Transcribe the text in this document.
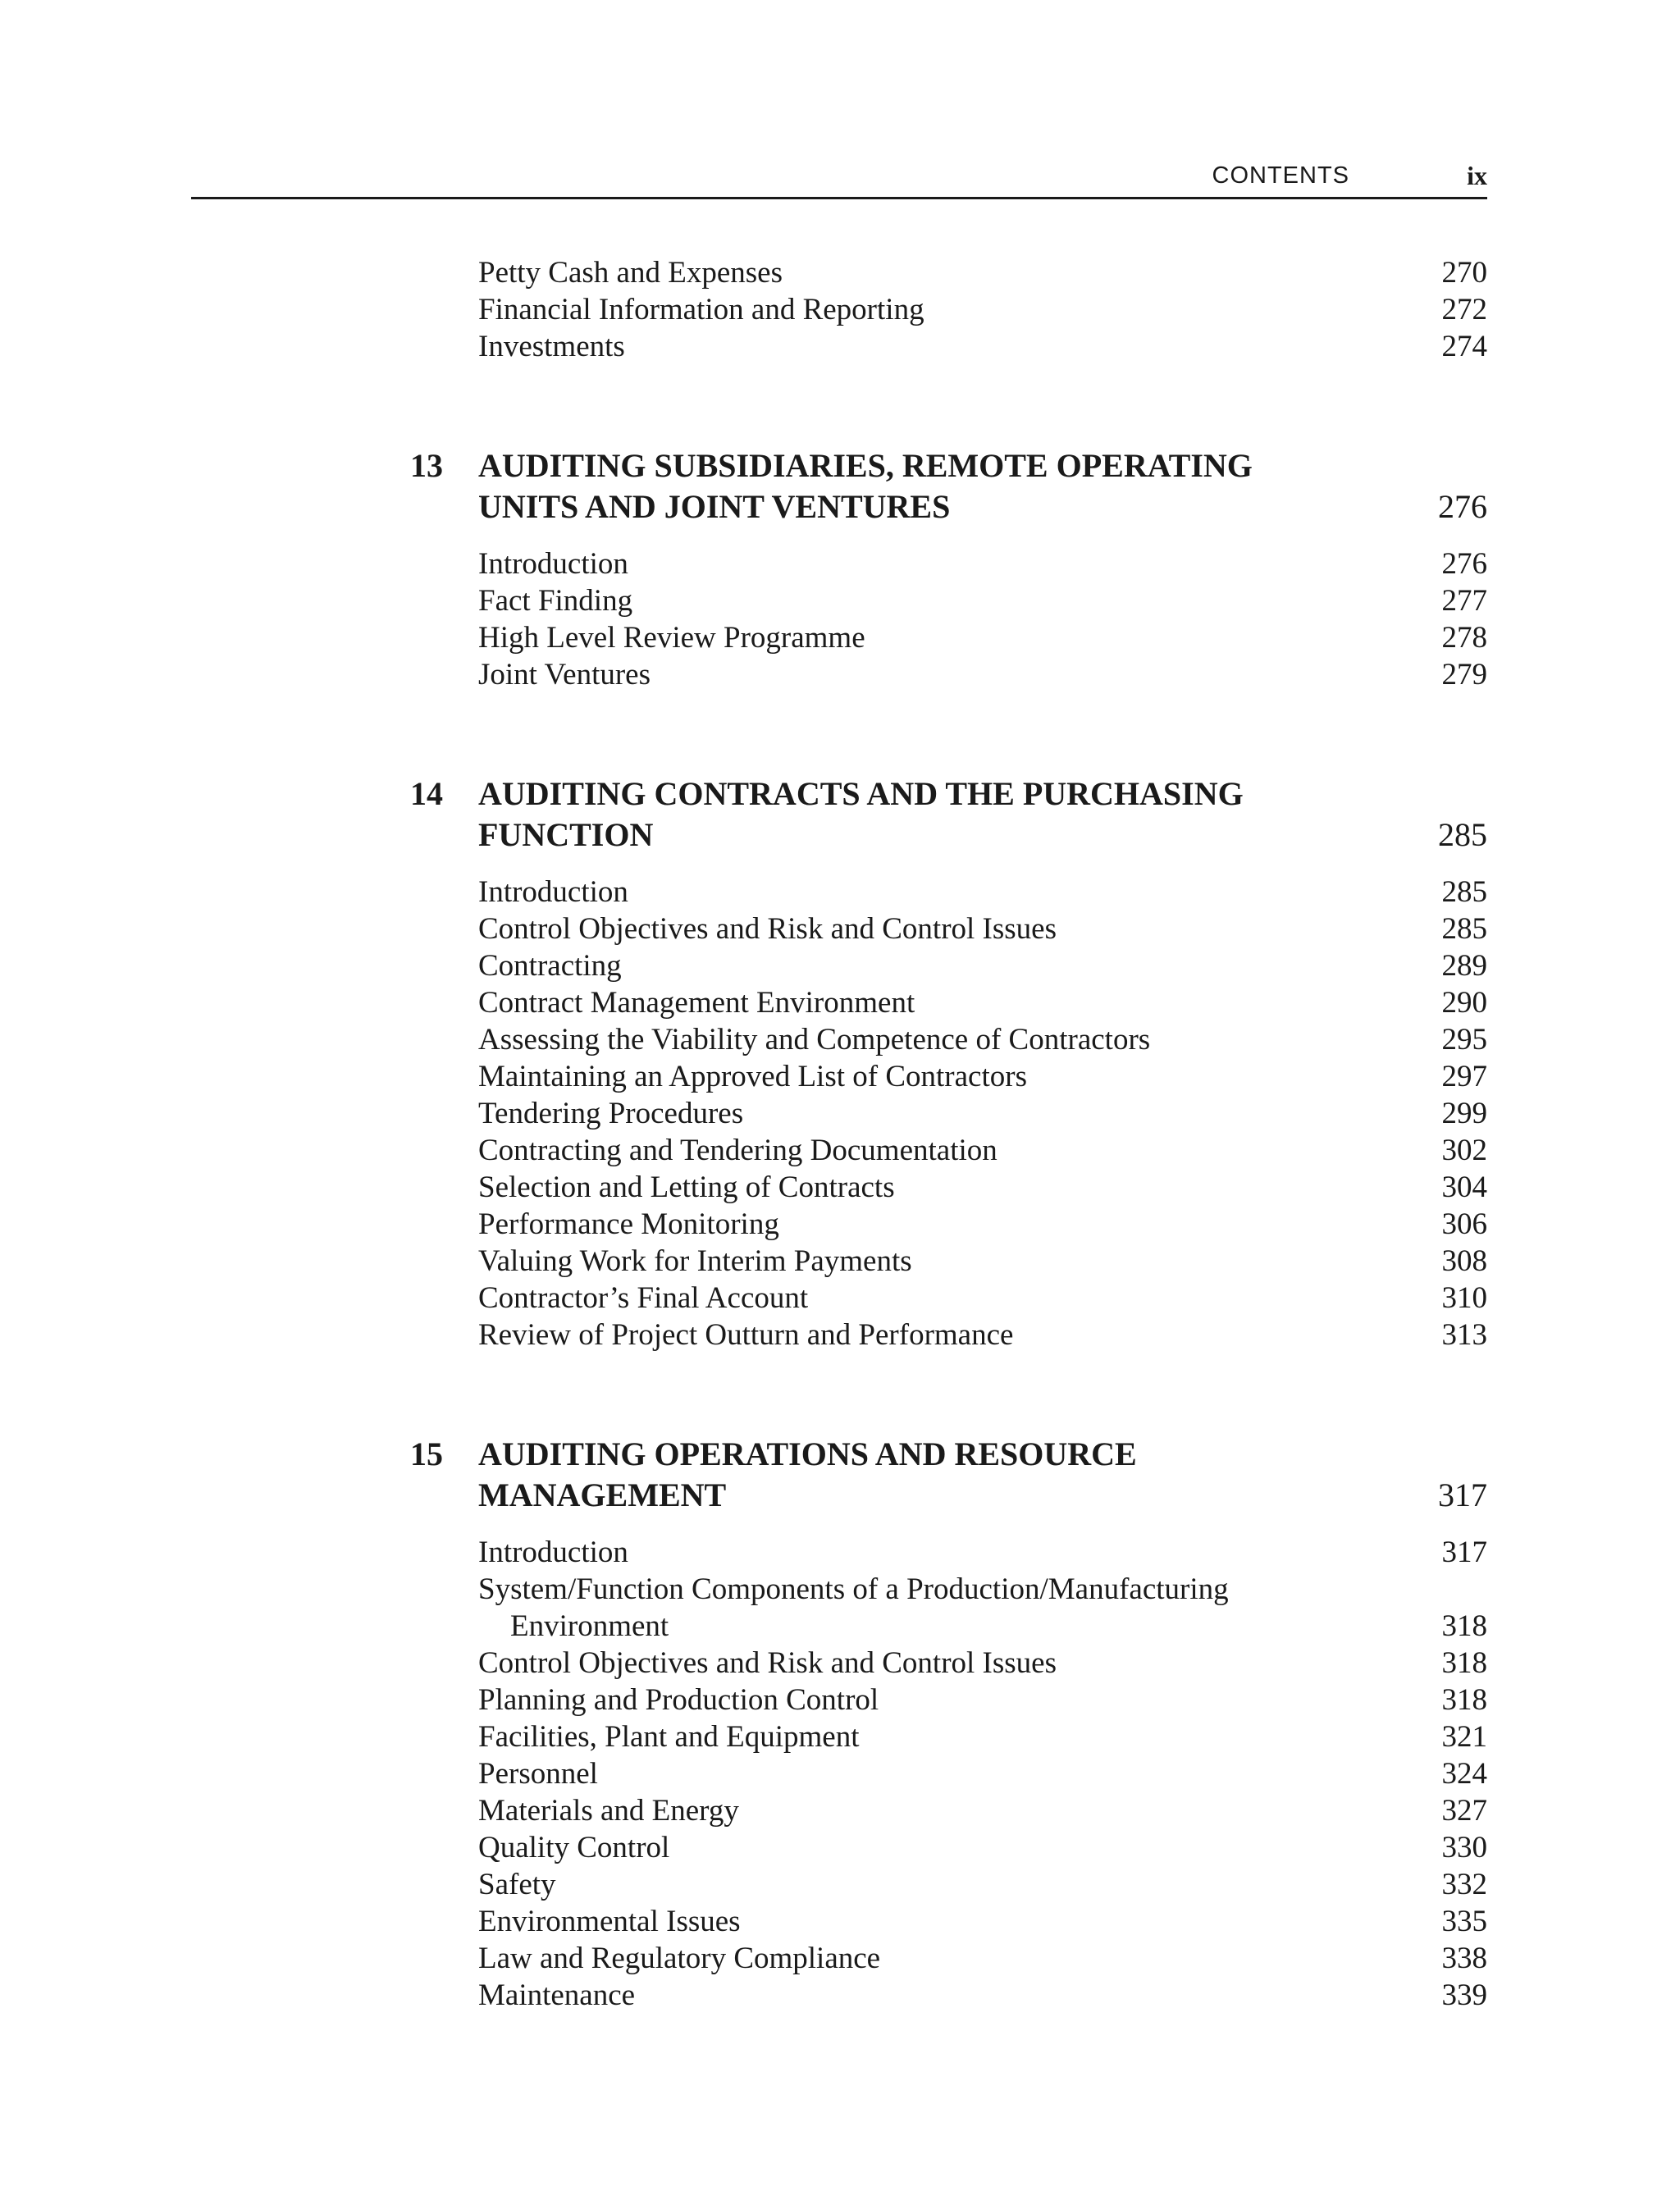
CONTENTS	ix
Petty Cash and Expenses	270
Financial Information and Reporting	272
Investments	274
13 AUDITING SUBSIDIARIES, REMOTE OPERATING
UNITS AND JOINT VENTURES	276
Introduction	276
Fact Finding	277
High Level Review Programme	278
Joint Ventures	279
14 AUDITING CONTRACTS AND THE PURCHASING
FUNCTION	285
Introduction	285
Control Objectives and Risk and Control Issues	285
Contracting	289
Contract Management Environment	290
Assessing the Viability and Competence of Contractors	295
Maintaining an Approved List of Contractors	297
Tendering Procedures	299
Contracting and Tendering Documentation	302
Selection and Letting of Contracts	304
Performance Monitoring	306
Valuing Work for Interim Payments	308
Contractor’s Final Account	310
Review of Project Outturn and Performance	313
15 AUDITING OPERATIONS AND RESOURCE
MANAGEMENT	317
Introduction	317
System/Function Components of a Production/Manufacturing
Environment	318
Control Objectives and Risk and Control Issues	318
Planning and Production Control	318
Facilities, Plant and Equipment	321
Personnel	324
Materials and Energy	327
Quality Control	330
Safety	332
Environmental Issues	335
Law and Regulatory Compliance	338
Maintenance	339
